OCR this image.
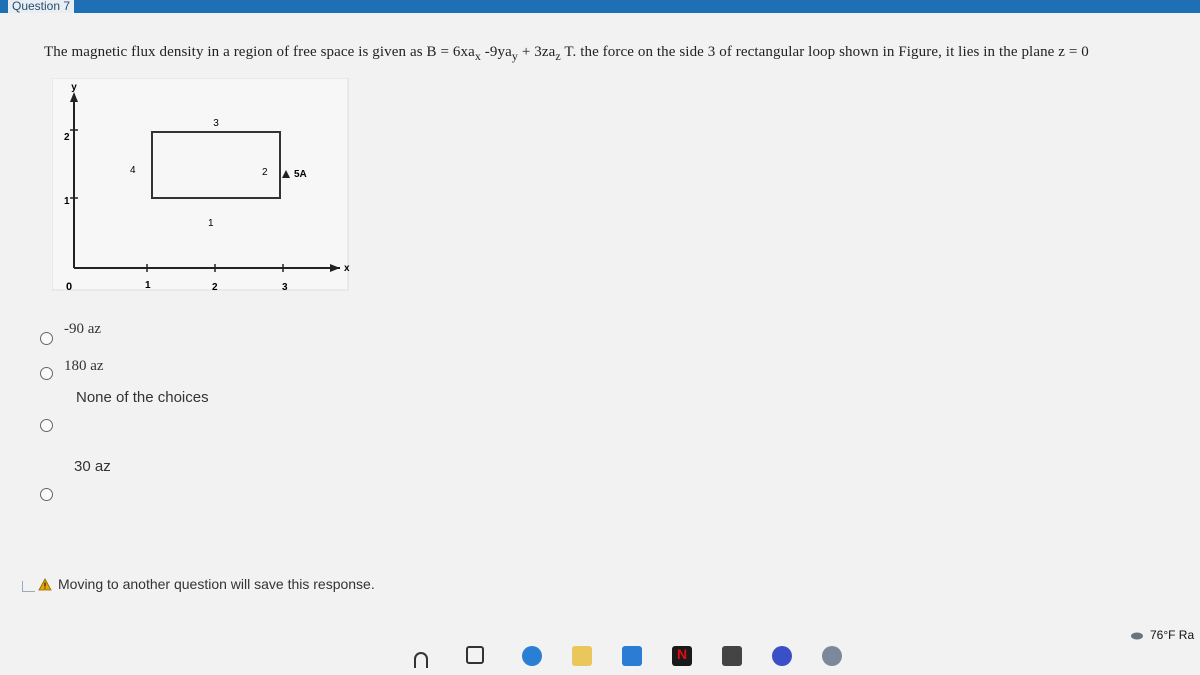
Question 7
The magnetic flux density in a region of free space is given as $B = 6xa_x$ $-9ya_y + 3za_z$ T. the force on the side 3 of rectangular loop shown in Figure, it lies in the plane z = 0
y
x
2
1
0	1	2	3
3
4	2
1
5A
-90 az
180 az
None of the choices
30 az
Moving to another question will save this response.
N
76°F Ra
